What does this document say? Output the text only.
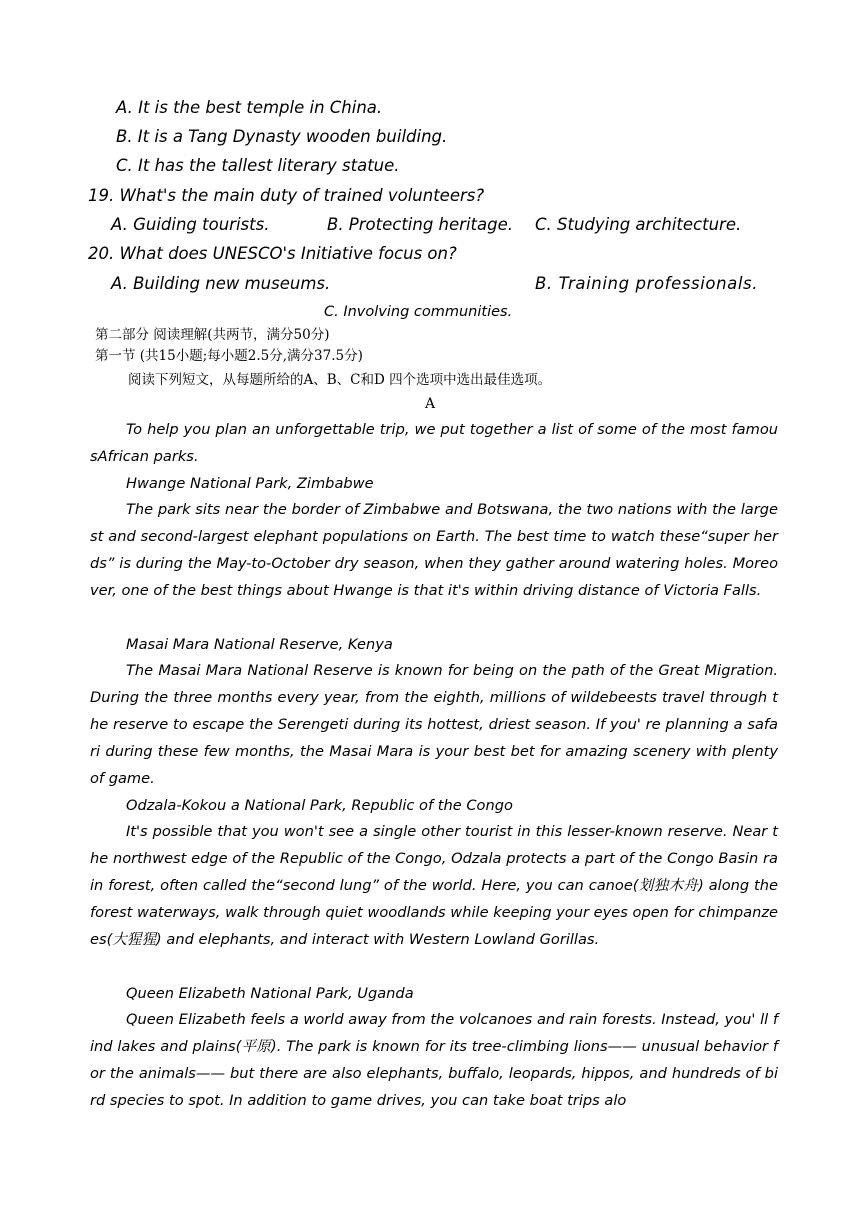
A. It is the best temple in China.
B. It is a Tang Dynasty wooden building.
C. It has the tallest literary statue.
19. What's the main duty of trained volunteers?
A. Guiding tourists.	B. Protecting heritage. C. Studying architecture.
20. What does UNESCO's Initiative focus on?
A. Building new museums.	B. Training professionals.
C. Involving communities.
第二部分 阅读理解(共两节，满分50分)
第一节 (共15小题;每小题2.5分,满分37.5分)
阅读下列短文，从每题所给的A、B、C和D 四个选项中选出最佳选项。
A
To help you plan an unforgettable trip, we put together a list of some of the most famousAfrican parks.
Hwange National Park, Zimbabwe
The park sits near the border of Zimbabwe and Botswana, the two nations with the largest and second-largest elephant populations on Earth. The best time to watch these“super herds” is during the May-to-October dry season, when they gather around watering holes. Moreover, one of the best things about Hwange is that it's within driving distance of Victoria Falls.
Masai Mara National Reserve, Kenya
The Masai Mara National Reserve is known for being on the path of the Great Migration.During the three months every year, from the eighth, millions of wildebeests travel through the reserve to escape the Serengeti during its hottest, driest season. If you' re planning a safari during these few months, the Masai Mara is your best bet for amazing scenery with plenty of game.
Odzala-Kokou a National Park, Republic of the Congo
It's possible that you won't see a single other tourist in this lesser-known reserve. Near the northwest edge of the Republic of the Congo, Odzala protects a part of the Congo Basin rain forest, often called the“second lung” of the world. Here, you can canoe(划独木舟) along the forest waterways, walk through quiet woodlands while keeping your eyes open for chimpanzees(大猩猩) and elephants, and interact with Western Lowland Gorillas.
Queen Elizabeth National Park, Uganda
Queen Elizabeth feels a world away from the volcanoes and rain forests. Instead, you' ll find lakes and plains(平原). The park is known for its tree-climbing lions—— unusual behavior for the animals—— but there are also elephants, buffalo, leopards, hippos, and hundreds of bird species to spot. In addition to game drives, you can take boat trips alo
